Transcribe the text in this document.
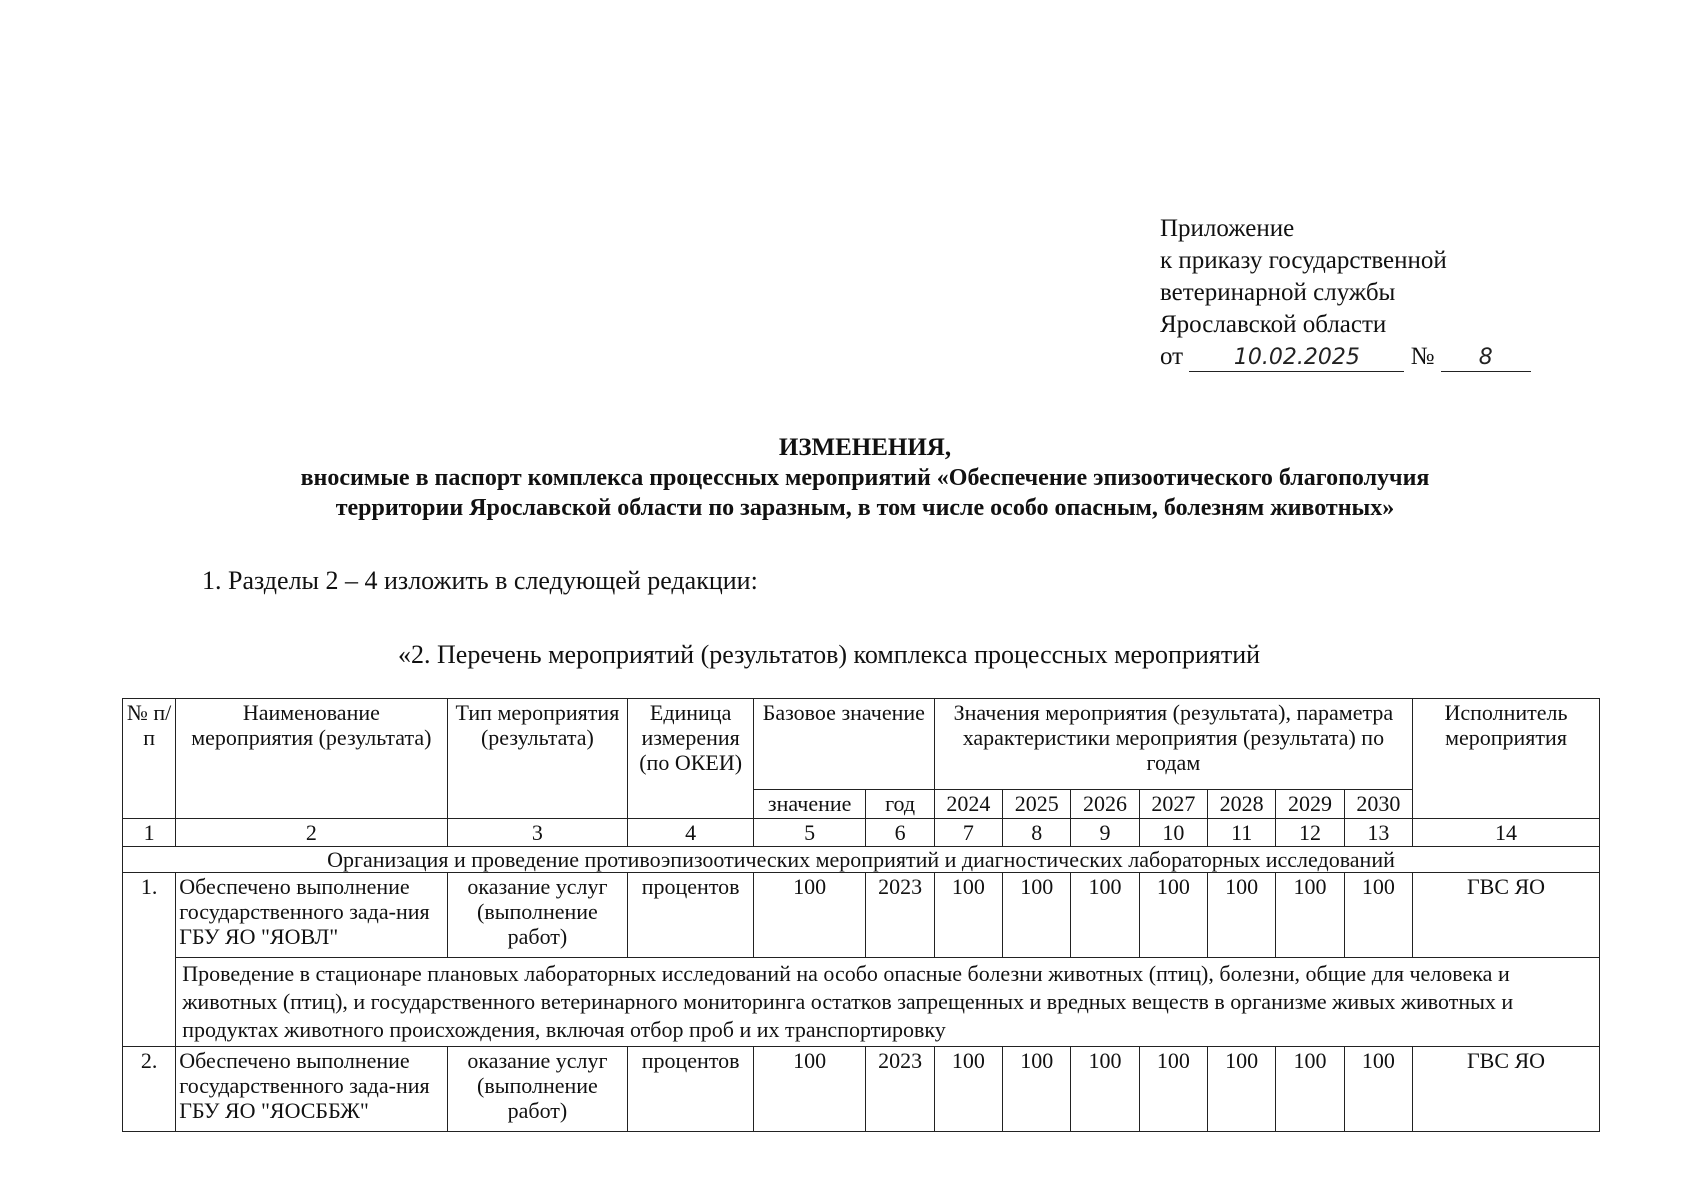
Приложение
к приказу государственной
ветеринарной службы
Ярославской области
от 10.02.2025 № 8
ИЗМЕНЕНИЯ,
вносимые в паспорт комплекса процессных мероприятий «Обеспечение эпизоотического благополучия
территории Ярославской области по заразным, в том числе особо опасным, болезням животных»
1. Разделы 2 – 4 изложить в следующей редакции:
«2. Перечень мероприятий (результатов) комплекса процессных мероприятий
№ п/п	Наименование мероприятия (результата)	Тип мероприятия (результата)	Единица измерения (по ОКЕИ)	Базовое значение		Значения мероприятия (результата), параметра характеристики мероприятия (результата) по годам							Исполнитель мероприятия
				значение	год	2024	2025	2026	2027	2028	2029	2030	
1	2	3	4	5	6	7	8	9	10	11	12	13	14
Организация и проведение противоэпизоотических мероприятий и диагностических лабораторных исследований													
1.	Обеспечено выполнение государственного зада-ния ГБУ ЯО "ЯОВЛ"	оказание услуг (выполнение работ)	процентов	100	2023	100	100	100	100	100	100	100	ГВС ЯО
	Проведение в стационаре плановых лабораторных исследований на особо опасные болезни животных (птиц), болезни, общие для человека и животных (птиц), и государственного ветеринарного мониторинга остатков запрещенных и вредных веществ в организме живых животных и продуктах животного происхождения, включая отбор проб и их транспортировку												
2.	Обеспечено выполнение государственного зада-ния ГБУ ЯО "ЯОСББЖ"	оказание услуг (выполнение работ)	процентов	100	2023	100	100	100	100	100	100	100	ГВС ЯО
